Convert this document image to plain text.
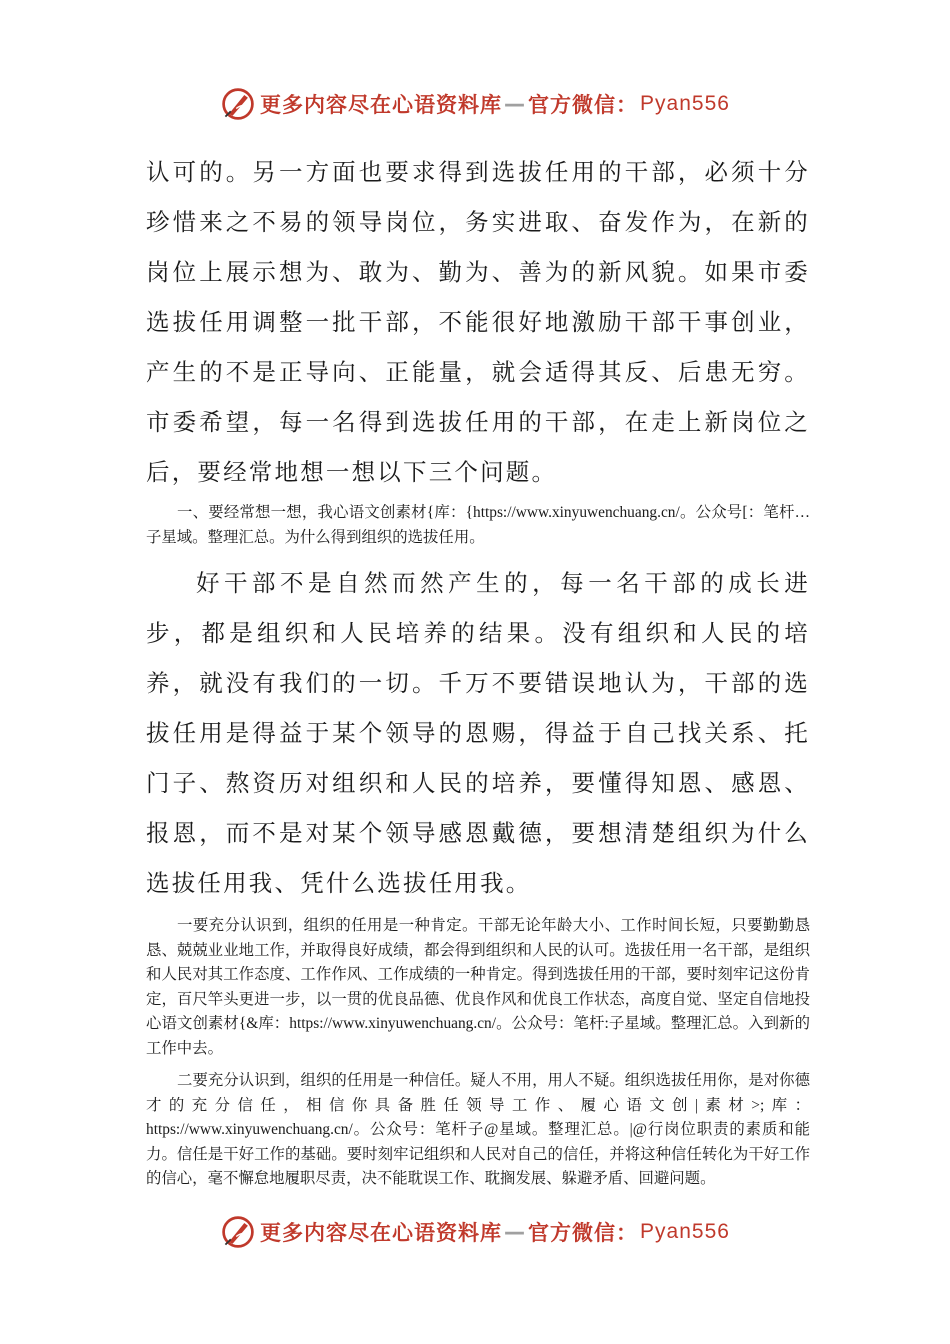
更多内容尽在心语资料库 — 官方微信： Pyan556

认可的。另一方面也要求得到选拔任用的干部，必须十分珍惜来之不易的领导岗位，务实进取、奋发作为，在新的岗位上展示想为、敢为、勤为、善为的新风貌。如果市委选拔任用调整一批干部，不能很好地激励干部干事创业，产生的不是正导向、正能量，就会适得其反、后患无穷。市委希望，每一名得到选拔任用的干部，在走上新岗位之后，要经常地想一想以下三个问题。

一、要经常想一想，我心语文创素材{库：{https://www.xinyuwenchuang.cn/。公众号[：笔杆…子星域。整理汇总。为什么得到组织的选拔任用。

好干部不是自然而然产生的，每一名干部的成长进步，都是组织和人民培养的结果。没有组织和人民的培养，就没有我们的一切。千万不要错误地认为，干部的选拔任用是得益于某个领导的恩赐，得益于自己找关系、托门子、熬资历对组织和人民的培养，要懂得知恩、感恩、报恩，而不是对某个领导感恩戴德，要想清楚组织为什么选拔任用我、凭什么选拔任用我。

一要充分认识到，组织的任用是一种肯定。干部无论年龄大小、工作时间长短，只要勤勤恳恳、兢兢业业地工作，并取得良好成绩，都会得到组织和人民的认可。选拔任用一名干部，是组织和人民对其工作态度、工作作风、工作成绩的一种肯定。得到选拔任用的干部，要时刻牢记这份肯定，百尺竿头更进一步，以一贯的优良品德、优良作风和优良工作状态，高度自觉、坚定自信地投心语文创素材{&库：https://www.xinyuwenchuang.cn/。公众号：笔杆:子星域。整理汇总。入到新的工作中去。

二要充分认识到，组织的任用是一种信任。疑人不用，用人不疑。组织选拔任用你，是对你德才的充分信任，相信你具备胜任领导工作、履心语文创|素材>;库：https://www.xinyuwenchuang.cn/。公众号：笔杆子@星域。整理汇总。|@行岗位职责的素质和能力。信任是干好工作的基础。要时刻牢记组织和人民对自己的信任，并将这种信任转化为干好工作的信心，毫不懈怠地履职尽责，决不能耽误工作、耽搁发展、躲避矛盾、回避问题。

更多内容尽在心语资料库 — 官方微信： Pyan556
